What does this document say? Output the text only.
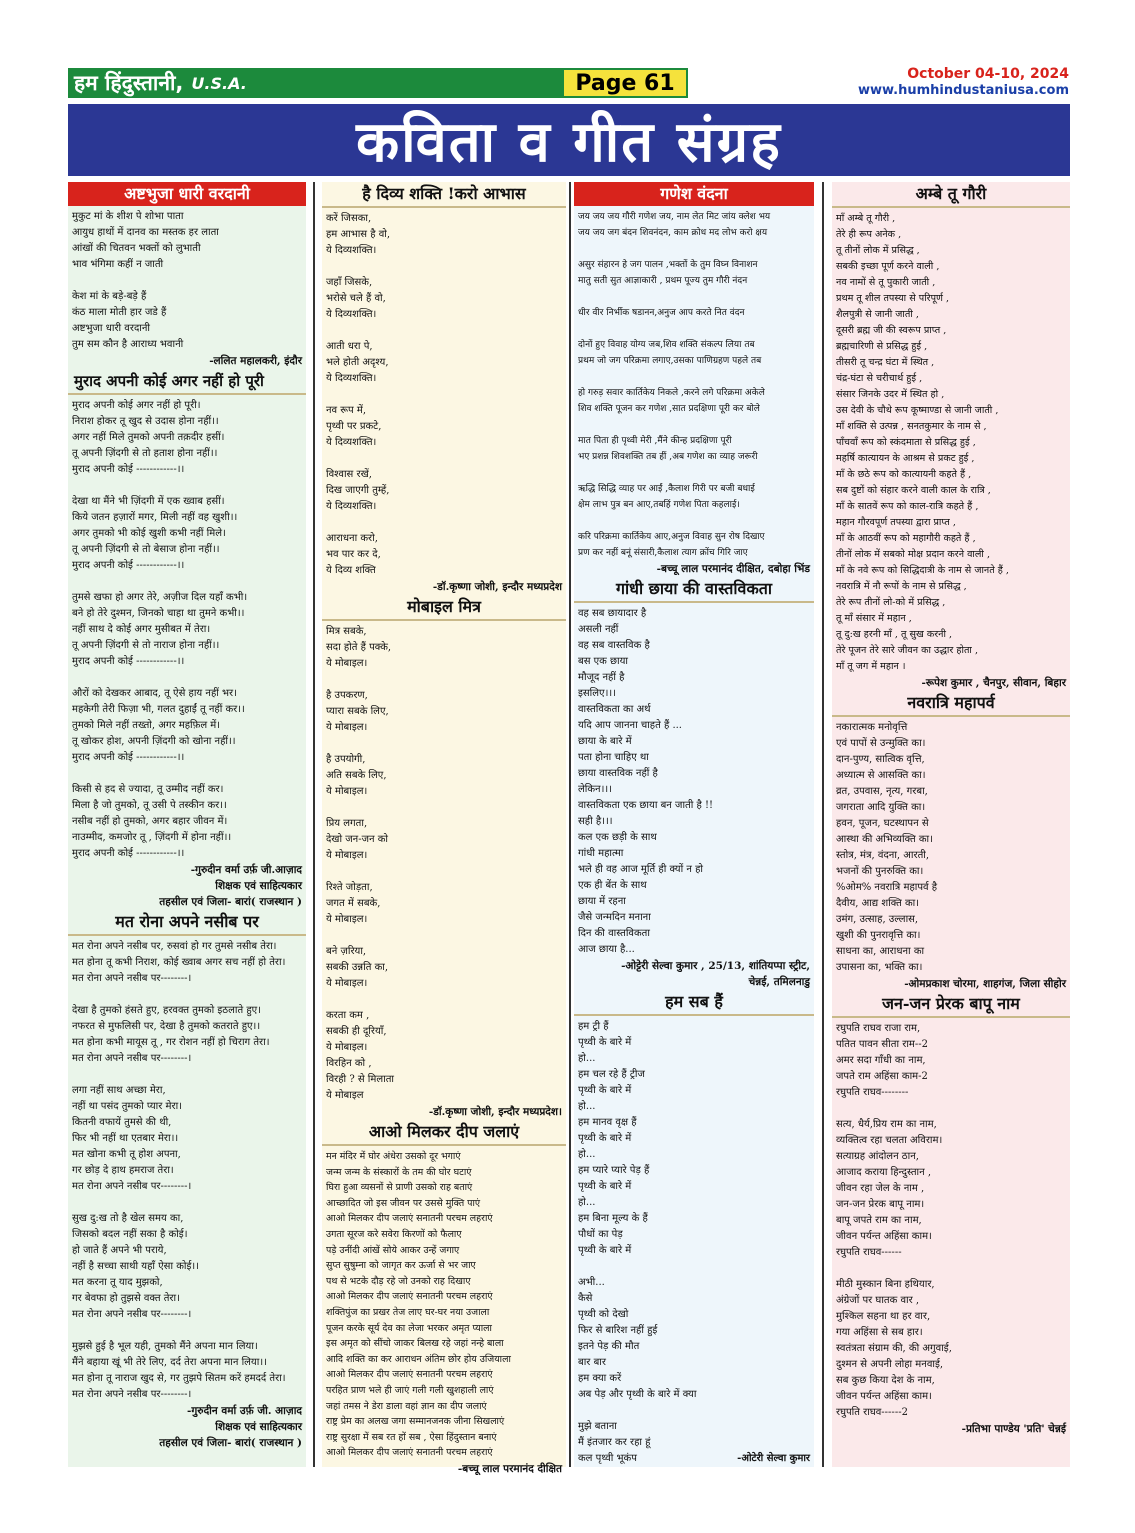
हम हिंदुस्तानी, U.S.A.	Page 61	October 04-10, 2024
www.humhindustaniusa.com
कविता व गीत संग्रह
अष्टभुजा धारी वरदानी
मुकुट मां के शीश पे शोभा पाता
आयुध हाथों में दानव का मस्तक हर लाता
आंखों की चितवन भक्तों को लुभाती
भाव भंगिमा कहीं न जाती
केश मां के बड़े-बड़े हैं
कंठ माला मोती हार जडे हैं
अष्टभुजा धारी वरदानी
तुम सम कौन है आराध्य भवानी
-ललित महालकरी, इंदौर
मुराद अपनी कोई अगर नहीं हो पूरी
मुराद अपनी कोई अगर नहीं हो पूरी।
निराश होकर तू खुद से उदास होना नहीं।।
अगर नहीं मिले तुमको अपनी तक़दीर हसीं।
तू अपनी ज़िंदगी से तो हताश होना नहीं।।
मुराद अपनी कोई ------------।।
देखा था मैंने भी ज़िंदगी में एक ख्वाब हसीं।
किये जतन हज़ारों मगर, मिली नहीं वह खुशी।।
अगर तुमको भी कोई खुशी कभी नहीं मिले।
तू अपनी ज़िंदगी से तो बेसाज होना नहीं।।
मुराद अपनी कोई ------------।।
तुमसे खफा हो अगर तेरे, अज़ीज दिल यहाँ कभी।
बने हो तेरे दुश्मन, जिनको चाहा था तुमने कभी।।
नहीं साथ दे कोई अगर मुसीबत में तेरा।
तू अपनी ज़िंदगी से तो नाराज होना नहीं।।
मुराद अपनी कोई ------------।।
औरों को देखकर आबाद, तू ऐसे हाय नहीं भर।
महकेगी तेरी फिज़ा भी, गलत दुहाईं तू नहीं कर।।
तुमको मिले नहीं तख्तो, अगर महफ़िल में।
तू खोकर होश, अपनी ज़िंदगी को खोना नहीं।।
मुराद अपनी कोई ------------।।
किसी से हद से ज्यादा, तू उम्मीद नहीं कर।
मिला है जो तुमको, तू उसी पे तस्कीन कर।।
नसीब नहीं हो तुमको, अगर बहार जीवन में।
नाउम्मीद, कमजोर तू , ज़िंदगी में होना नहीं।।
मुराद अपनी कोई ------------।।
-गुरुदीन वर्मा उर्फ़ जी.आज़ाद
शिक्षक एवं साहित्यकार
तहसील एवं जिला- बारां( राजस्थान )
मत रोना अपने नसीब पर
मत रोना अपने नसीब पर, रुसवां हो गर तुमसे नसीब तेरा।
मत होना तू कभी निराश, कोई ख्वाब अगर सच नहीं हो तेरा।
मत रोना अपने नसीब पर--------।
देखा है तुमको हंसते हुए, हरवक्त तुमको इठलाते हुए।
नफरत से मुफलिसी पर, देखा है तुमको कतराते हुए।।
मत होना कभी मायूस तू , गर रोशन नहीं हो चिराग तेरा।
मत रोना अपने नसीब पर--------।
लगा नहीं साथ अच्छा मेरा,
नहीं था पसंद तुमको प्यार मेरा।
कितनी वफायें तुमसे की थी,
फिर भी नहीं था एतबार मेरा।।
मत खोना कभी तू होश अपना,
गर छोड़ दे हाथ हमराज तेरा।
मत रोना अपने नसीब पर--------।
सुख दु:ख तो है खेल समय का,
जिसको बदल नहीं सका है कोई।
हो जाते हैं अपने भी पराये,
नहीं है सच्चा साथी यहाँ ऐसा कोई।।
मत करना तू याद मुझको,
गर बेवफा हो तुझसे वक्त तेरा।
मत रोना अपने नसीब पर--------।
मुझसे हुई है भूल यही, तुमको मैंने अपना मान लिया।
मैंने बहाया खूं भी तेरे लिए, दर्द तेरा अपना मान लिया।।
मत होना तू नाराज खुद से, गर तुझपे सितम करें हमदर्द तेरा।
मत रोना अपने नसीब पर--------।
-गुरुदीन वर्मा उर्फ़ जी. आज़ाद
शिक्षक एवं साहित्यकार
तहसील एवं जिला- बारां( राजस्थान )
है दिव्य शक्ति !करो आभास
करें जिसका,
हम आभास है वो,
ये दिव्यशक्ति।
जहाँ जिसके,
भरोसे चले हैं वो,
ये दिव्यशक्ति।
आती धरा पे,
भले होती अदृश्य,
ये दिव्यशक्ति।
नव रूप में,
पृथ्वी पर प्रकटे,
ये दिव्यशक्ति।
विश्वास रखें,
दिख जाएगी तुम्हें,
ये दिव्यशक्ति।
आराधना करो,
भव पार कर दे,
ये दिव्य शक्ति
-डॉ.कृष्णा जोशी, इन्दौर मध्यप्रदेश
मोबाइल मित्र
मित्र सबके,
सदा होते हैं पक्के,
ये मोबाइल।
है उपकरण,
प्यारा सबके लिए,
ये मोबाइल।
है उपयोगी,
अति सबके लिए,
ये मोबाइल।
प्रिय लगता,
देखो जन-जन को
ये मोबाइल।
रिश्ते जोड़ता,
जगत में सबके,
ये मोबाइल।
बने ज़रिया,
सबकी उन्नति का,
ये मोबाइल।
करता कम ,
सबकी ही दूरियाँ,
ये मोबाइल।
विरहिन को ,
विरही ? से मिलाता
ये मोबाइल
-डॉ.कृष्णा जोशी, इन्दौर मध्यप्रदेश।
आओ मिलकर दीप जलाएं
मन मंदिर में घोर अंधेरा उसको दूर भगाएं
जन्म जन्म के संस्कारों के तम की घोर घटाएं
घिरा हुआ व्यसनों से प्राणी उसको राह बताएं
आच्छादित जो इस जीवन पर उससे मुक्ति पाएं
आओ मिलकर दीप जलाएं सनातनी परचम लहराएं
उगता सूरज करे सवेरा किरणों को फैलाए
पड़े उनींदी आंखें सोये आकर उन्हें जगाए
सुप्त सुषुम्ना को जागृत कर ऊर्जा से भर जाए
पथ से भटके दौड़ रहे जो उनको राह दिखाए
आओ मिलकर दीप जलाएं सनातनी परचम लहराएं
शक्तिपुंज का प्रखर तेज लाए घर-घर नया उजाला
पूजन करके सूर्य देव का लेजा भरकर अमृत प्याला
इस अमृत को सींचो जाकर बिलख रहे जहां नन्हे बाला
आदि शक्ति का कर आराधन अंतिम छोर होय उजियाला
आओ मिलकर दीप जलाएं सनातनी परचम लहराएं
परहित प्राण भले ही जाएं गली गली खुशहाली लाएं
जहां तमस ने डेरा डाला वहां ज्ञान का दीप जलाएं
राष्ट्र प्रेम का अलख जगा सम्मानजनक जीना सिखलाएं
राष्ट्र सुरक्षा में सब रत हों सब , ऐसा हिंदुस्तान बनाएं
आओ मिलकर दीप जलाएं सनातनी परचम लहराएं
-बच्चू लाल परमानंद दीक्षित
गणेश वंदना
जय जय जय गौरी गणेश जय, नाम लेत मिट जांय क्लेश भय
जय जय जग बंदन शिवनंदन, काम क्रोध मद लोभ करो क्षय
असुर संहारन हे जग पालन ,भक्तों के तुम विघ्न विनाशन
मातु सती सुत आज्ञाकारी , प्रथम पूज्य तुम गौरी नंदन
धीर वीर निर्भीक षडानन,अनुज आप करते नित वंदन
दोनों हुए विवाह योग्य जब,शिव शक्ति संकल्प लिया तब
प्रथम जो जग परिक्रमा लगाए,उसका पाणिग्रहण पहले तब
हो गरुड़ सवार कार्तिकेय निकले ,करने लगे परिक्रमा अकेले
शिव शक्ति पूजन कर गणेश ,सात प्रदक्षिणा पूरी कर बोले
मात पिता ही पृथ्वी मेरी ,मैंने कीन्ह प्रदक्षिणा पूरी
भए प्रशन्न शिवशक्ति तब हीं ,अब गणेश का व्याह जरूरी
ऋद्धि सिद्धि व्याह पर आईं ,कैलाश गिरी पर बजी बधाई
क्षेम लाभ पुत्र बन आए,तबहिं गणेश पिता कहलाई।
करि परिक्रमा कार्तिकेय आए,अनुज विवाह सुन रोष दिखाए
प्रण कर नहीं बनूं संसारी,कैलाश त्याग क्रोंच गिरि जाए
-बच्चू लाल परमानंद दीक्षित, दबोहा भिंड
गांधी छाया की वास्तविकता
वह सब छायादार है
असली नहीं
वह सब वास्तविक है
बस एक छाया
मौजूद नहीं है
इसलिए।।।
वास्तविकता का अर्थ
यदि आप जानना चाहते हैं ...
छाया के बारे में
पता होना चाहिए था
छाया वास्तविक नहीं है
लेकिन।।।
वास्तविकता एक छाया बन जाती है !!
सही है।।।
कल एक छड़ी के साथ
गांधी महात्मा
भले ही वह आज मूर्ति ही क्यों न हो
एक ही बेंत के साथ
छाया में रहना
जैसे जन्मदिन मनाना
दिन की वास्तविकता
आज छाया है...
-ओट्टेरी सेल्वा कुमार , 25/13, शांतियप्पा स्ट्रीट,
चेन्नई, तमिलनाडु
हम सब हैं
हम ट्री हैं
पृथ्वी के बारे में
हो...
हम चल रहे हैं ट्रीज
पृथ्वी के बारे में
हो...
हम मानव वृक्ष हैं
पृथ्वी के बारे में
हो...
हम प्यारे प्यारे पेड़ हैं
पृथ्वी के बारे में
हो...
हम बिना मूल्य के हैं
पौधों का पेड़
पृथ्वी के बारे में
अभी...
कैसे
पृथ्वी को देखो
फिर से बारिश नहीं हुई
इतने पेड़ की मौत
बार बार
हम क्या करें
अब पेड़ और पृथ्वी के बारे में क्या
मुझे बताना
मैं इंतजार कर रहा हूं
कल पृथ्वी भूकंप	-ओटेरी सेल्वा कुमार
अम्बे तू गौरी
माँ अम्बे तू गौरी ,
तेरे ही रूप अनेक ,
तू तीनों लोक में प्रसिद्ध ,
सबकी इच्छा पूर्ण करने वाली ,
नव नामों से तू पुकारी जाती ,
प्रथम तू शील तपस्या से परिपूर्ण ,
शैलपुत्री से जानी जाती ,
दूसरी ब्रह्म जी की स्वरूप प्राप्त ,
ब्रह्मचारिणी से प्रसिद्ध हुई ,
तीसरी तू चन्द्र घंटा में स्थित ,
चंद्र-घंटा से चरीचार्थ हुई ,
संसार जिनके उदर में स्थित हो ,
उस देवी के चौथे रूप कूष्माण्डा से जानी जाती ,
माँ शक्ति से उत्पन्न , सनतकुमार के नाम से ,
पाँचवाँ रूप को स्कंदमाता से प्रसिद्ध हुई ,
महर्षि कात्यायन के आश्रम से प्रकट हुई ,
माँ के छठे रूप को कात्यायनी कहते हैं ,
सब दुष्टों को संहार करने वाली काल के रात्रि ,
माँ के सातवें रूप को काल-रात्रि कहते हैं ,
महान गौरवपूर्ण तपस्या द्वारा प्राप्त ,
माँ के आठवीं रूप को महागौरी कहते हैं ,
तीनों लोक में सबको मोक्ष प्रदान करने वाली ,
माँ के नवे रूप को सिद्धिदात्री के नाम से जानते हैं ,
नवरात्रि में नौ रूपों के नाम से प्रसिद्ध ,
तेरे रूप तीनों लो-को में प्रसिद्ध ,
तू माँ संसार में महान ,
तू दु:ख हरनी माँ , तू सुख करनी ,
तेरे पूजन तेरे सारे जीवन का उद्धार होता ,
माँ तू जग में महान ।
-रूपेश कुमार , चैनपुर, सीवान, बिहार
नवरात्रि महापर्व
नकारात्मक मनोवृत्ति
एवं पापों से उन्मुक्ति का।
दान-पुण्य, सात्विक वृत्ति,
अध्यात्म से आसक्ति का।
व्रत, उपवास, नृत्य, गरबा,
जगराता आदि युक्ति का।
हवन, पूजन, घटस्थापन से
आस्था की अभिव्यक्ति का।
स्तोत्र, मंत्र, वंदना, आरती,
भजनों की पुनरुक्ति का।
%ओम% नवरात्रि महापर्व है
दैवीय, आद्य शक्ति का।
उमंग, उत्साह, उल्लास,
खुशी की पुनरावृत्ति का।
साधना का, आराधना का
उपासना का, भक्ति का।
-ओमप्रकाश चोरमा, शाहगंज, जिला सीहोर
जन-जन प्रेरक बापू नाम
रघुपति राघव राजा राम,
पतित पावन सीता राम--2
अमर सदा गाँधी का नाम,
जपते राम अहिंसा काम-2
रघुपति राघव--------
सत्य, धैर्य,प्रिय राम का नाम,
व्यक्तित्व रहा चलता अविराम।
सत्याग्रह आंदोलन ठान,
आजाद कराया हिन्दुस्तान ,
जीवन रहा जेल के नाम ,
जन-जन प्रेरक बापू नाम।
बापू जपते राम का नाम,
जीवन पर्यन्त अहिंसा काम।
रघुपति राघव------
मीठी मुस्कान बिना हथियार,
अंग्रेजों पर घातक वार ,
मुश्किल सहना था हर वार,
गया अहिंसा से सब हार।
स्वतंत्रता संग्राम की, की अगुवाई,
दुश्मन से अपनी लोहा मनवाई,
सब कुछ किया देश के नाम,
जीवन पर्यन्त अहिंसा काम।
रघुपति राघव------2
-प्रतिभा पाण्डेय 'प्रति' चेन्नई
